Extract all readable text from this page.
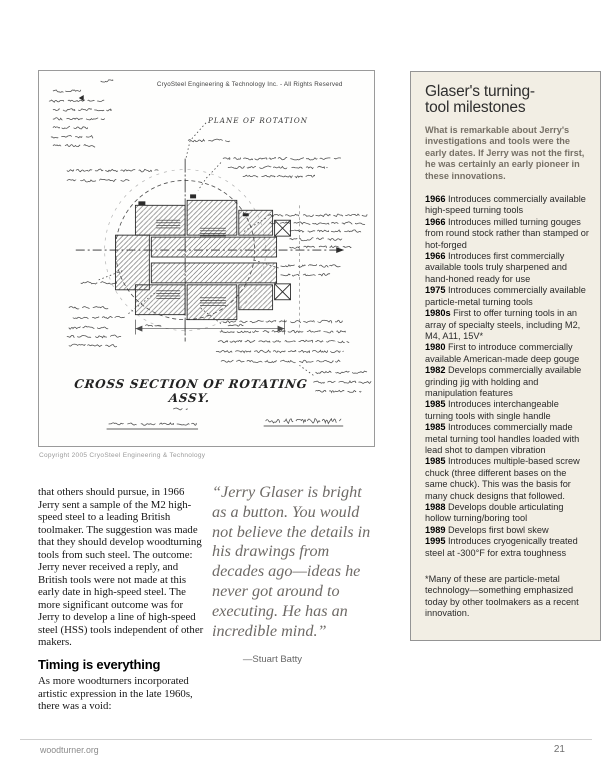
CryoSteel Engineering & Technology Inc. - All Rights Reserved
PLANE OF ROTATION
CROSS SECTION OF ROTATING
ASSY.
Copyright 2005 CryoSteel Engineering & Technology
that others should pursue, in 1966 Jerry sent a sample of the M2 high-speed steel to a leading British toolmaker. The suggestion was made that they should develop woodturning tools from such steel. The outcome: Jerry never received a reply, and British tools were not made at this early date in high-speed steel. The more significant outcome was for Jerry to develop a line of high-speed steel (HSS) tools independent of other makers.
Timing is everything
As more woodturners incorporated artistic expression in the late 1960s, there was a void:
“Jerry Glaser is bright as a button. You would not believe the details in his drawings from decades ago—ideas he never got around to executing. He has an incredible mind.”
—Stuart Batty
Glaser's turning-
tool milestones
What is remarkable about Jerry's investigations and tools were the early dates. If Jerry was not the first, he was certainly an early pioneer in these innovations.
1966 Introduces commercially available high-speed turning tools
1966 Introduces milled turning gouges from round stock rather than stamped or hot-forged
1966 Introduces first commercially available tools truly sharpened and hand-honed ready for use
1975 Introduces commercially available particle-metal turning tools
1980s First to offer turning tools in an array of specialty steels, including M2, M4, A11, 15V*
1980 First to introduce commercially available American-made deep gouge
1982 Develops commercially available grinding jig with holding and manipulation features
1985 Introduces interchangeable turning tools with single handle
1985 Introduces commercially made metal turning tool handles loaded with lead shot to dampen vibration
1985 Introduces multiple-based screw chuck (three different bases on the same chuck). This was the basis for many chuck designs that followed.
1988 Develops double articulating hollow turning/boring tool
1989 Develops first bowl skew
1995 Introduces cryogenically treated steel at -300°F for extra toughness
*Many of these are particle-metal technology—something emphasized today by other toolmakers as a recent innovation.
woodturner.org	21
